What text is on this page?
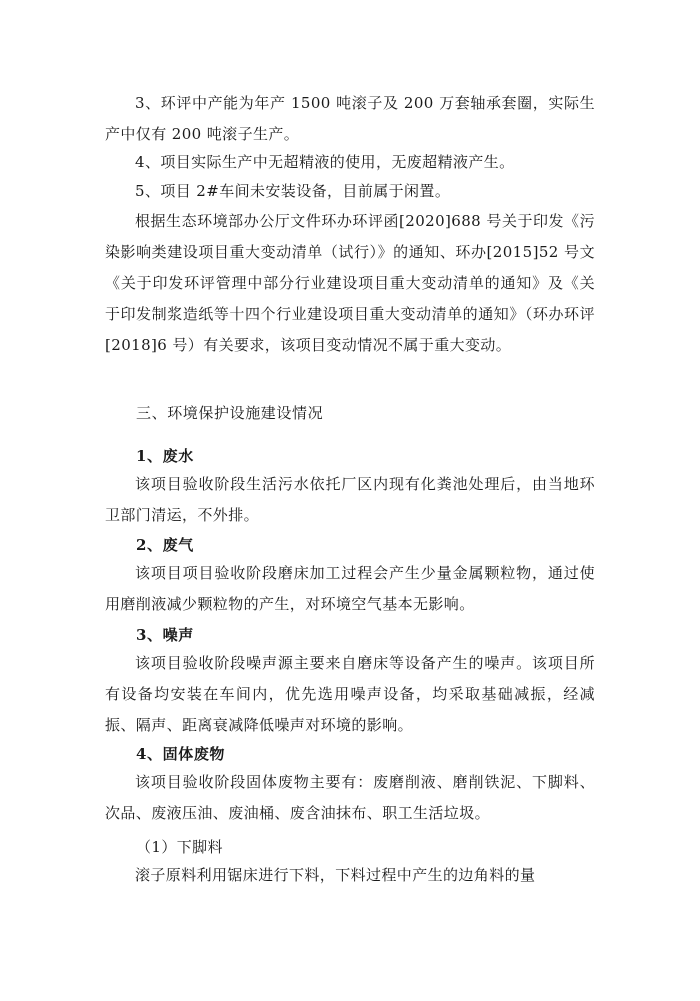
3、环评中产能为年产 1500 吨滚子及 200 万套轴承套圈，实际生产中仅有 200 吨滚子生产。

4、项目实际生产中无超精液的使用，无废超精液产生。

5、项目 2#车间未安装设备，目前属于闲置。

根据生态环境部办公厅文件环办环评函[2020]688 号关于印发《污染影响类建设项目重大变动清单（试行）》的通知、环办[2015]52 号文《关于印发环评管理中部分行业建设项目重大变动清单的通知》及《关于印发制浆造纸等十四个行业建设项目重大变动清单的通知》（环办环评[2018]6 号）有关要求，该项目变动情况不属于重大变动。

三、环境保护设施建设情况

1、废水

该项目验收阶段生活污水依托厂区内现有化粪池处理后，由当地环卫部门清运，不外排。

2、废气

该项目项目验收阶段磨床加工过程会产生少量金属颗粒物，通过使用磨削液减少颗粒物的产生，对环境空气基本无影响。

3、噪声

该项目验收阶段噪声源主要来自磨床等设备产生的噪声。该项目所有设备均安装在车间内，优先选用噪声设备，均采取基础减振，经减振、隔声、距离衰减降低噪声对环境的影响。

4、固体废物

该项目验收阶段固体废物主要有：废磨削液、磨削铁泥、下脚料、次品、废液压油、废油桶、废含油抹布、职工生活垃圾。

（1）下脚料

滚子原料利用锯床进行下料，下料过程中产生的边角料的量
